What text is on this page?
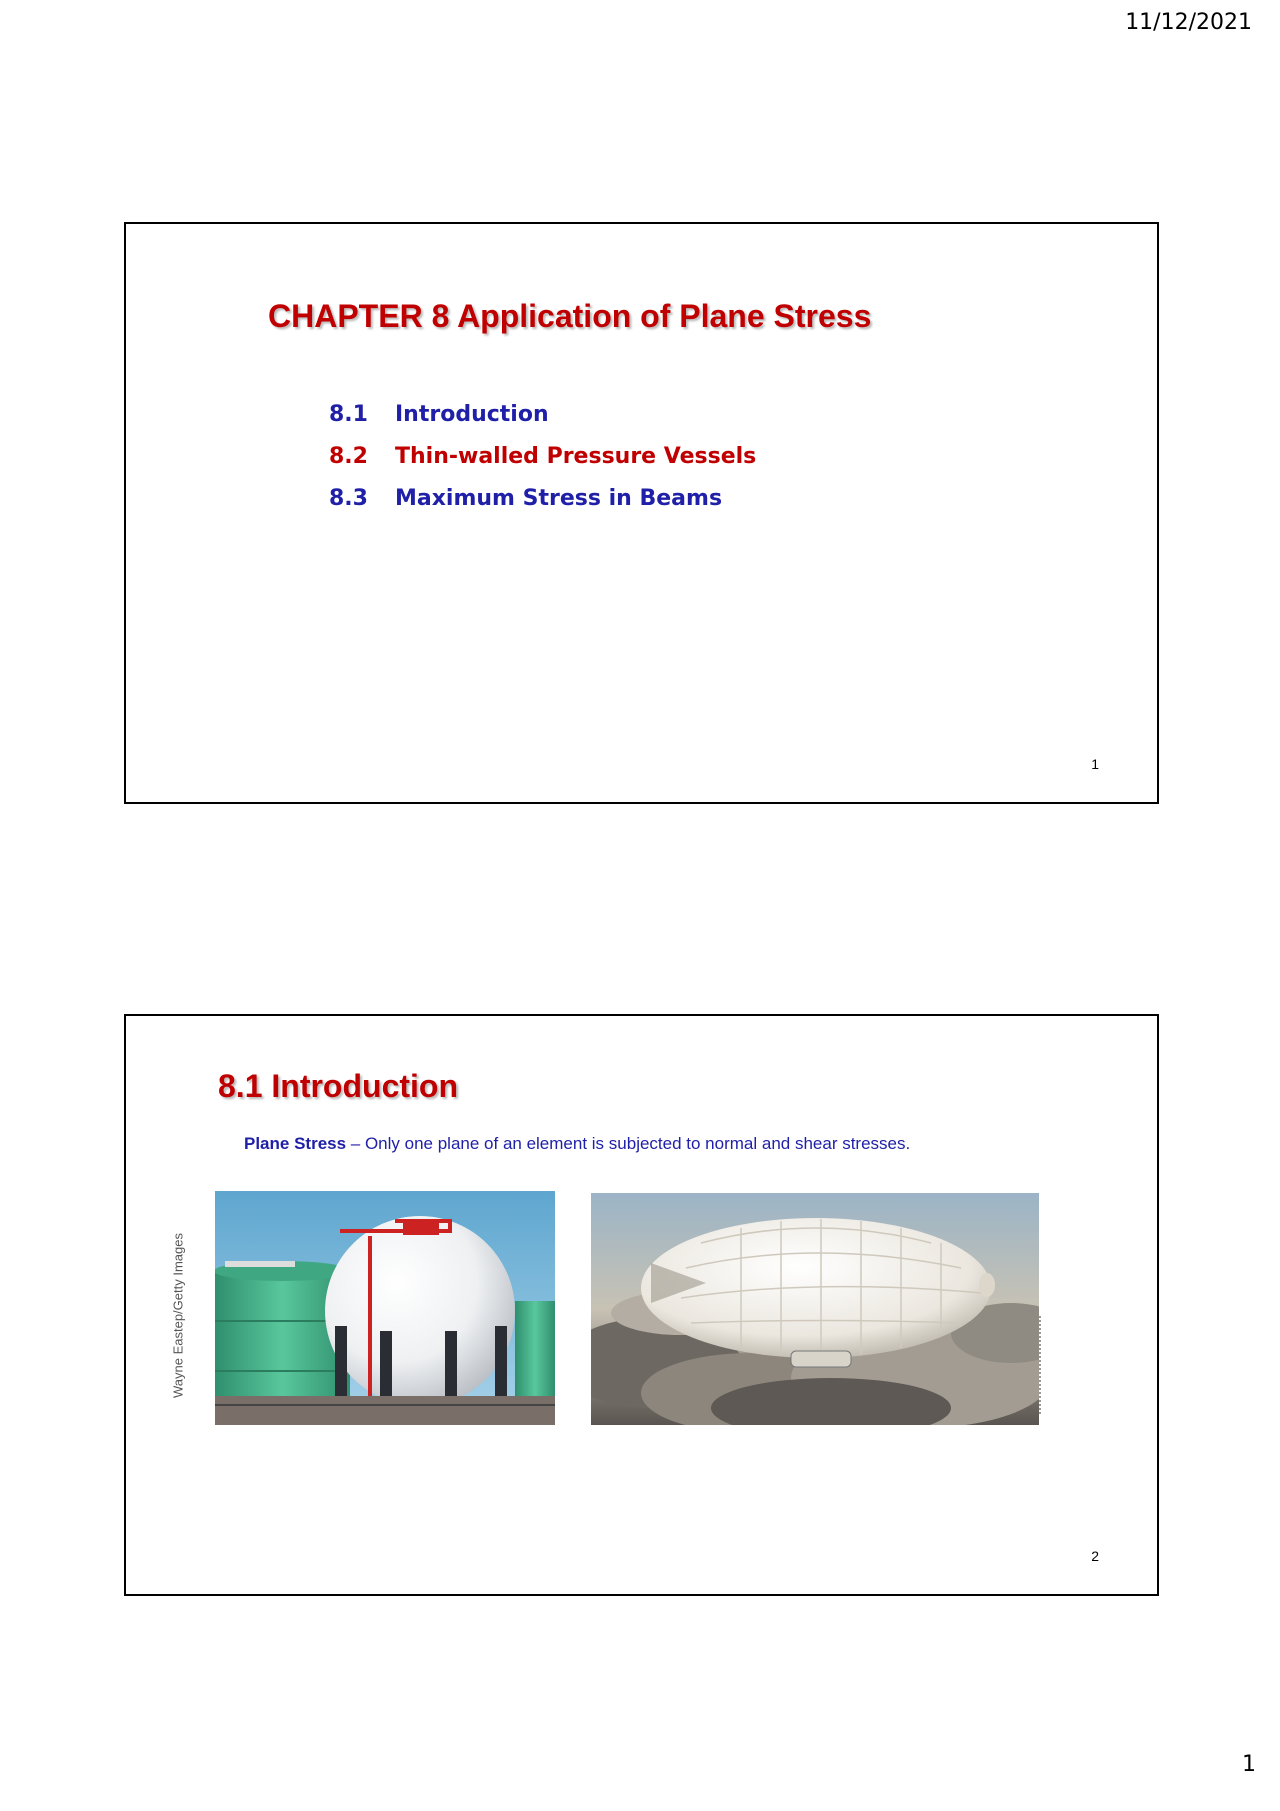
11/12/2021
CHAPTER 8 Application of Plane Stress
8.1 Introduction
8.2 Thin-walled Pressure Vessels
8.3 Maximum Stress in Beams
1
8.1 Introduction
Plane Stress – Only one plane of an element is subjected to normal and shear stresses.
Wayne Eastep/Getty Images
2
1
